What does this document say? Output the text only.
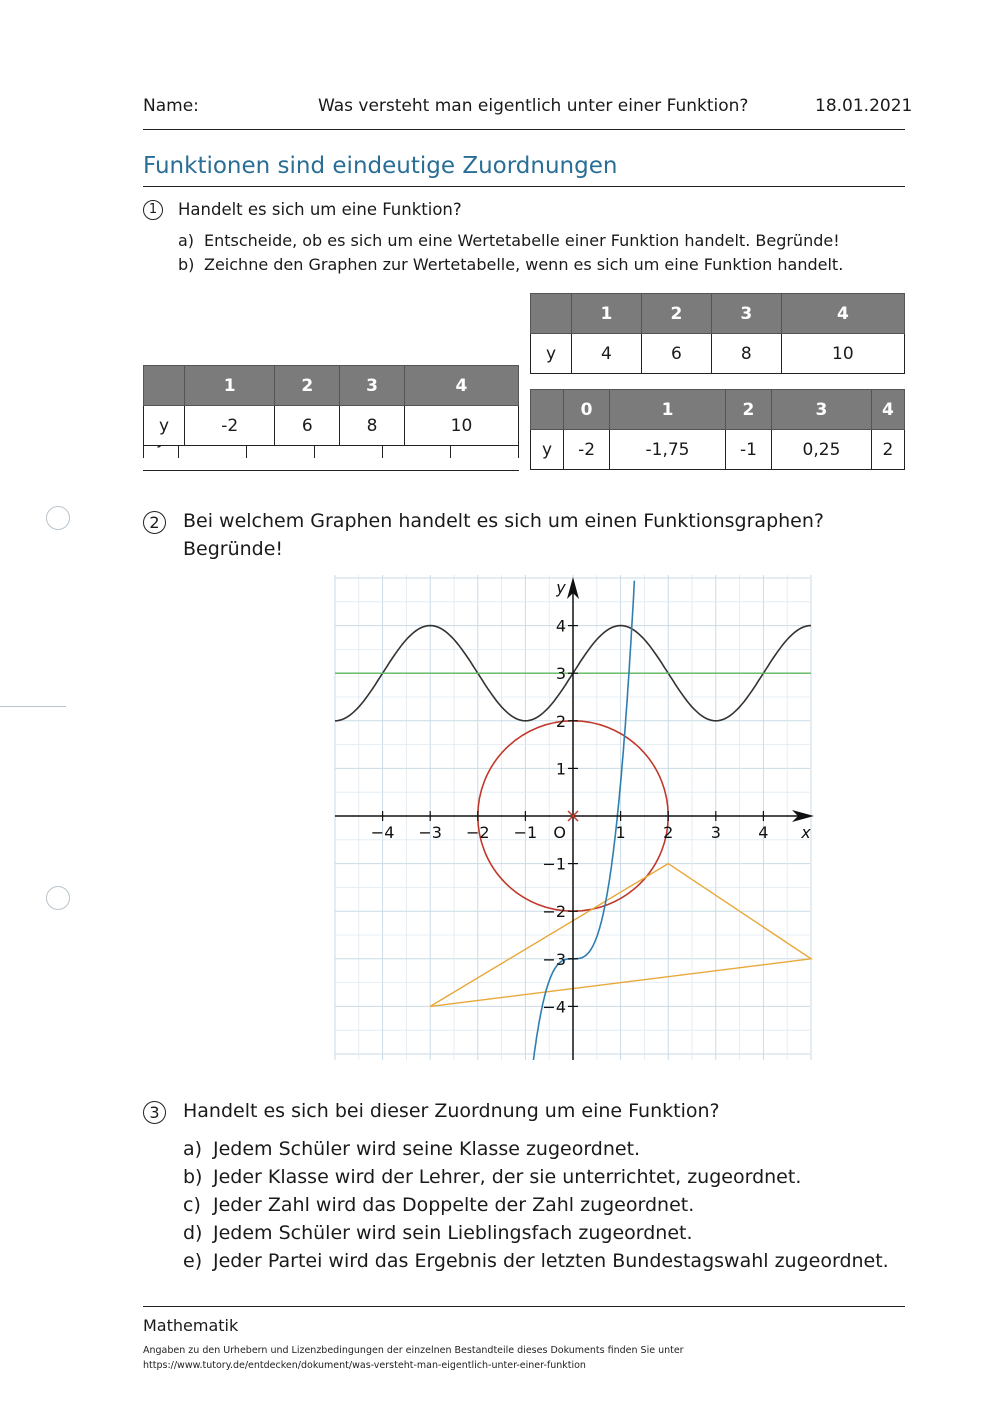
Name:	Was versteht man eigentlich unter einer Funktion?	18.01.2021
Funktionen sind eindeutige Zuordnungen
1	Handelt es sich um eine Funktion?
a) Entscheide, ob es sich um eine Wertetabelle einer Funktion handelt. Begründe!
b) Zeichne den Graphen zur Wertetabelle, wenn es sich um eine Funktion handelt.

	1	2	3	4
y	-2	6	8	10
	1	2	3	4
y	4	6	8	10
	0	1	2	3	4
y	-2	-1,75	-1	0,25	2
2	Bei welchem Graphen handelt es sich um einen Funktionsgraphen?
Begründe!
−4 −3 −2 −1	1 2 3 4
−4
−3
−2
−1
1
2
3
4
O	x
y
3	Handelt es sich bei dieser Zuordnung um eine Funktion?
a) Jedem Schüler wird seine Klasse zugeordnet.
b) Jeder Klasse wird der Lehrer, der sie unterrichtet, zugeordnet.
c) Jeder Zahl wird das Doppelte der Zahl zugeordnet.
d) Jedem Schüler wird sein Lieblingsfach zugeordnet.
e) Jeder Partei wird das Ergebnis der letzten Bundestagswahl zugeordnet.
Mathematik
Angaben zu den Urhebern und Lizenzbedingungen der einzelnen Bestandteile dieses Dokuments finden Sie unter
https://www.tutory.de/entdecken/dokument/was-versteht-man-eigentlich-unter-einer-funktion
